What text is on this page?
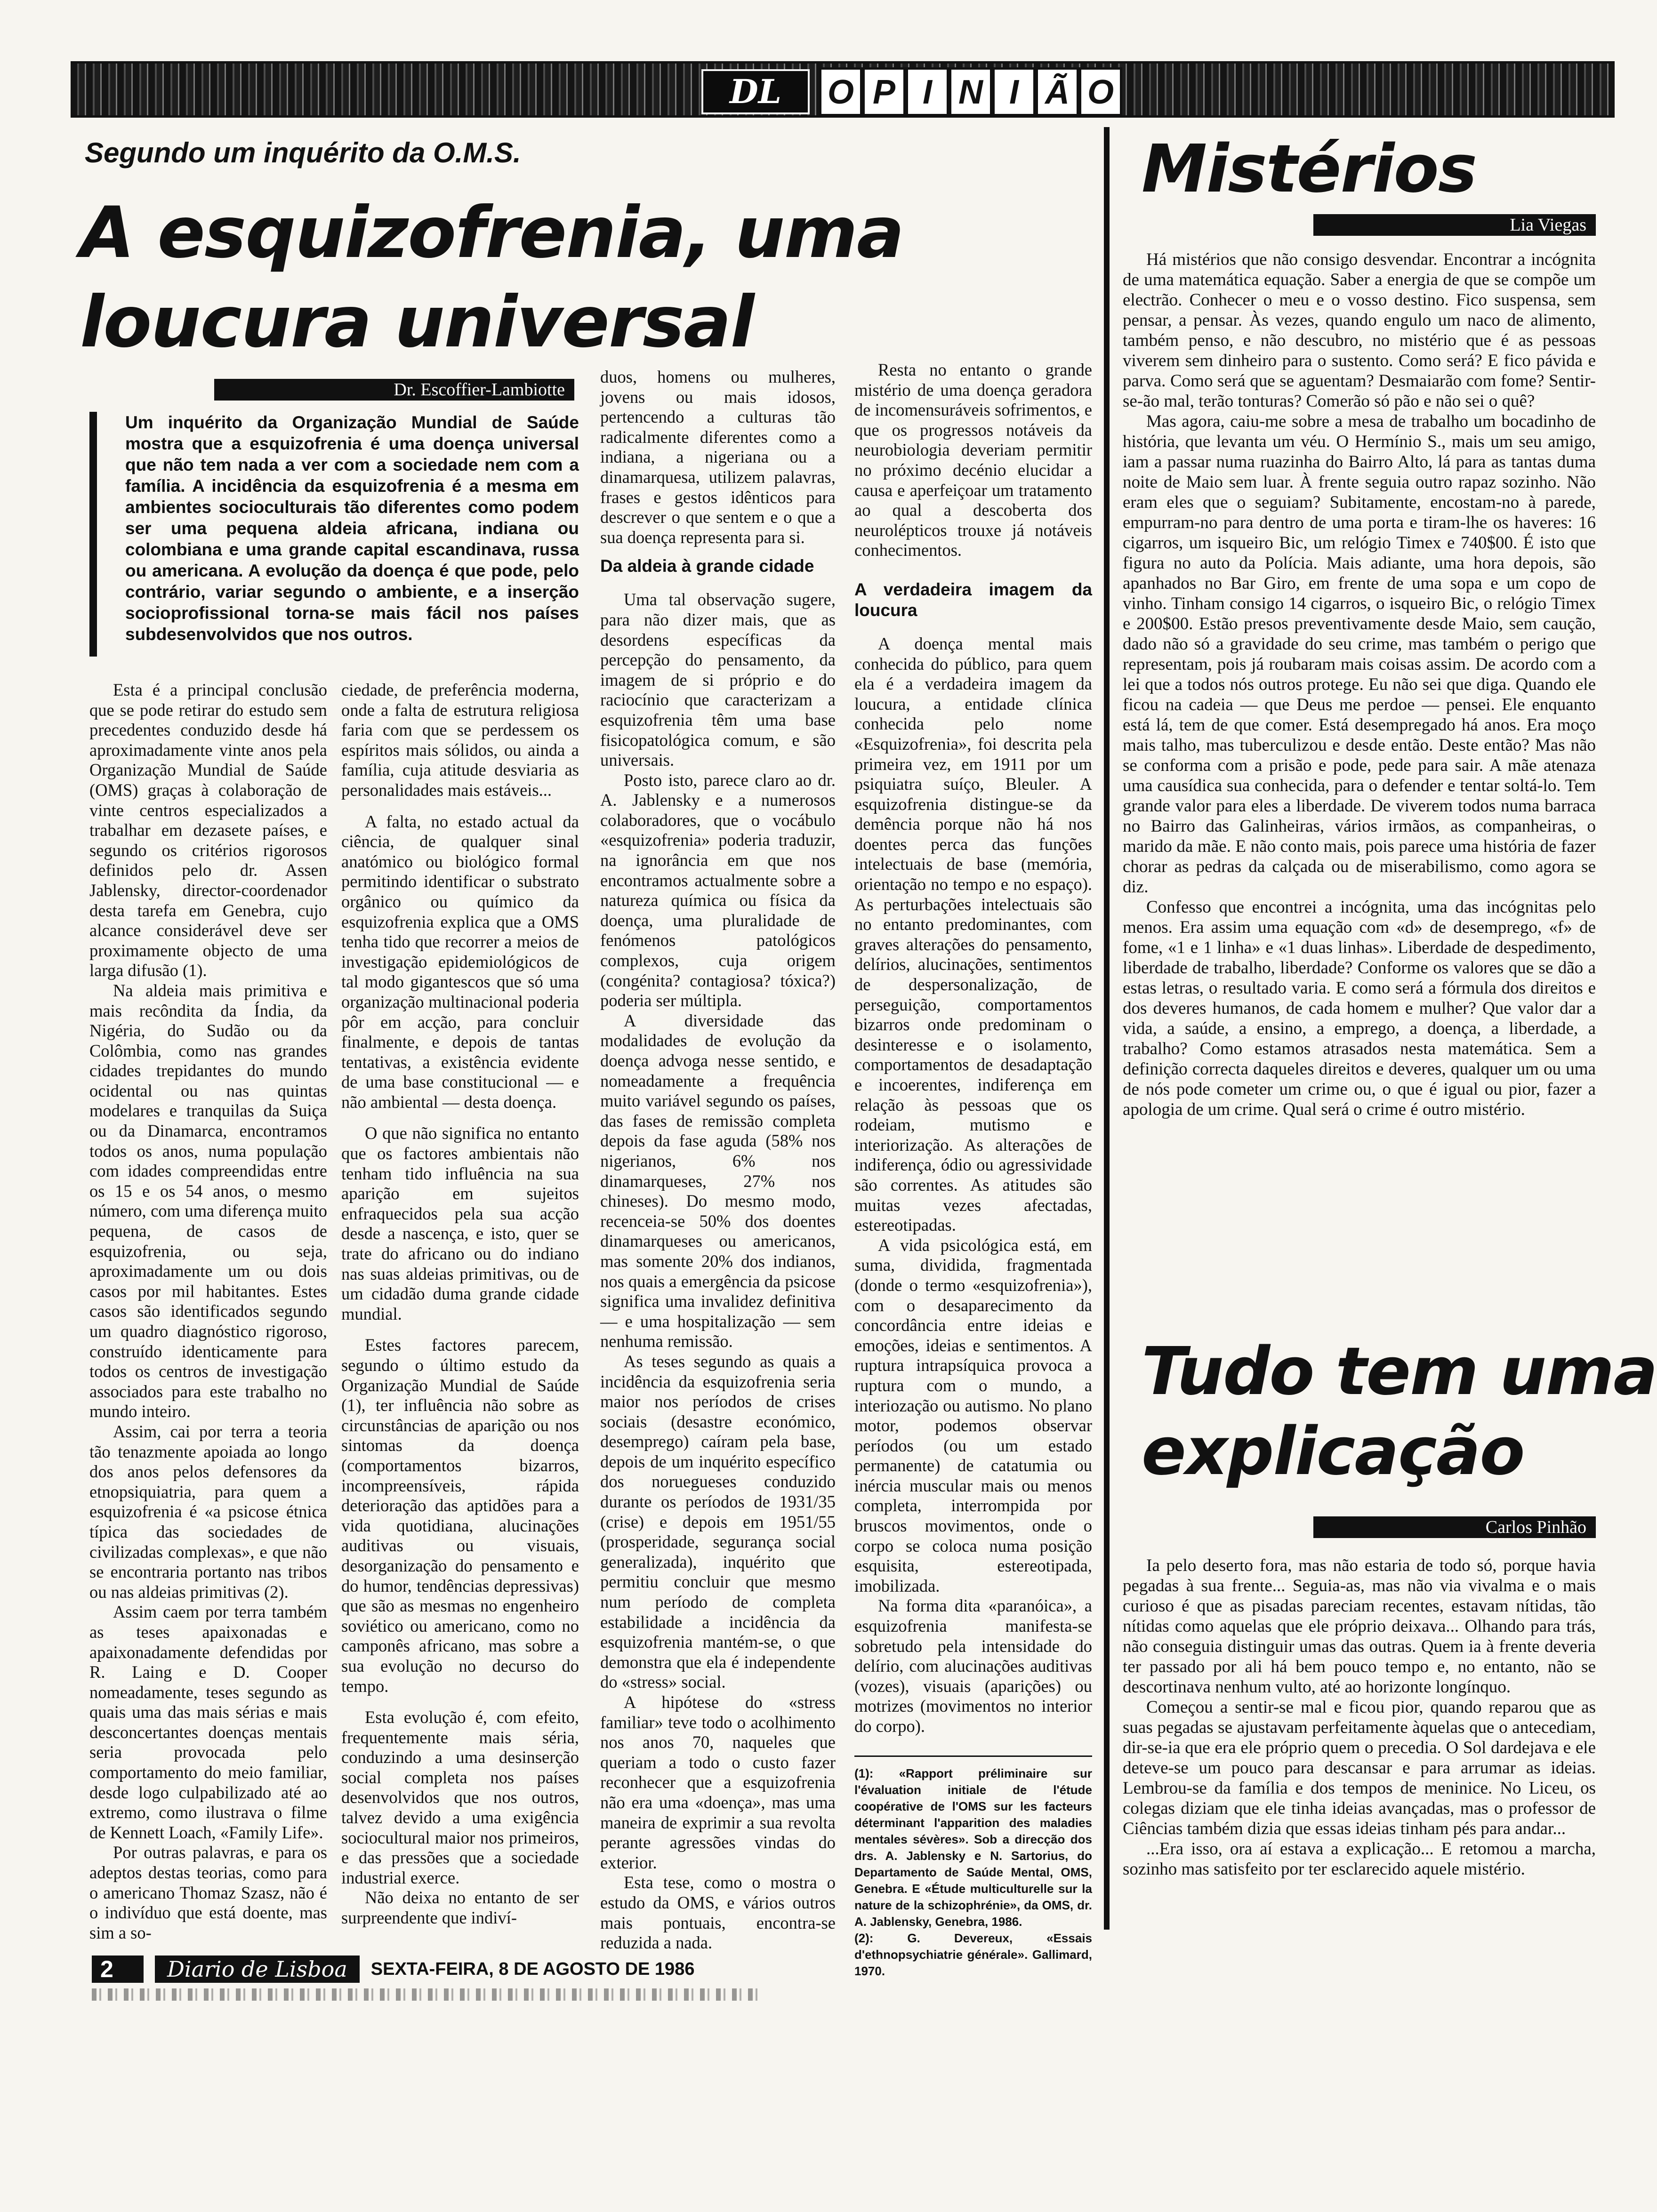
DL	O P I N I Ã O
Segundo um inquérito da O.M.S.
A esquizofrenia, uma
loucura universal
Dr. Escoffier-Lambiotte
Um inquérito da Organização Mundial de Saúde mostra que a esquizofrenia é uma doença universal que não tem nada a ver com a sociedade nem com a família. A incidência da esquizofrenia é a mesma em ambientes socioculturais tão diferentes como podem ser uma pequena aldeia africana, indiana ou colombiana e uma grande capital escandinava, russa ou americana. A evolução da doença é que pode, pelo contrário, variar segundo o ambiente, e a inserção socioprofissional torna-se mais fácil nos países subdesenvolvidos que nos outros.

Esta é a principal conclusão que se pode retirar do estudo sem precedentes conduzido desde há aproximadamente vinte anos pela Organização Mundial de Saúde (OMS) graças à colaboração de vinte centros especializados a trabalhar em dezasete países, e segundo os critérios rigorosos definidos pelo dr. Assen Jablensky, director-coordenador desta tarefa em Genebra, cujo alcance considerável deve ser proximamente objecto de uma larga difusão (1).

Na aldeia mais primitiva e mais recôndita da Índia, da Nigéria, do Sudão ou da Colômbia, como nas grandes cidades trepidantes do mundo ocidental ou nas quintas modelares e tranquilas da Suiça ou da Dinamarca, encontramos todos os anos, numa população com idades compreendidas entre os 15 e os 54 anos, o mesmo número, com uma diferença muito pequena, de casos de esquizofrenia, ou seja, aproximadamente um ou dois casos por mil habitantes. Estes casos são identificados segundo um quadro diagnóstico rigoroso, construído identicamente para todos os centros de investigação associados para este trabalho no mundo inteiro.

Assim, cai por terra a teoria tão tenazmente apoiada ao longo dos anos pelos defensores da etnopsiquiatria, para quem a esquizofrenia é «a psicose étnica típica das sociedades de civilizadas complexas», e que não se encontraria portanto nas tribos ou nas aldeias primitivas (2).

Assim caem por terra também as teses apaixonadas e apaixonadamente defendidas por R. Laing e D. Cooper nomeadamente, teses segundo as quais uma das mais sérias e mais desconcertantes doenças mentais seria provocada pelo comportamento do meio familiar, desde logo culpabilizado até ao extremo, como ilustrava o filme de Kennett Loach, «Family Life».

Por outras palavras, e para os adeptos destas teorias, como para o americano Thomaz Szasz, não é o indivíduo que está doente, mas sim a so-

ciedade, de preferência moderna, onde a falta de estrutura religiosa faria com que se perdessem os espíritos mais sólidos, ou ainda a família, cuja atitude desviaria as personalidades mais estáveis...

A falta, no estado actual da ciência, de qualquer sinal anatómico ou biológico formal permitindo identificar o substrato orgânico ou químico da esquizofrenia explica que a OMS tenha tido que recorrer a meios de investigação epidemiológicos de tal modo gigantescos que só uma organização multinacional poderia pôr em acção, para concluir finalmente, e depois de tantas tentativas, a existência evidente de uma base constitucional — e não ambiental — desta doença.

O que não significa no entanto que os factores ambientais não tenham tido influência na sua aparição em sujeitos enfraquecidos pela sua acção desde a nascença, e isto, quer se trate do africano ou do indiano nas suas aldeias primitivas, ou de um cidadão duma grande cidade mundial.

Estes factores parecem, segundo o último estudo da Organização Mundial de Saúde (1), ter influência não sobre as circunstâncias de aparição ou nos sintomas da doença (comportamentos bizarros, incompreensíveis, rápida deterioração das aptidões para a vida quotidiana, alucinações auditivas ou visuais, desorganização do pensamento e do humor, tendências depressivas) que são as mesmas no engenheiro soviético ou americano, como no camponês africano, mas sobre a sua evolução no decurso do tempo.

Esta evolução é, com efeito, frequentemente mais séria, conduzindo a uma desinserção social completa nos países desenvolvidos que nos outros, talvez devido a uma exigência sociocultural maior nos primeiros, e das pressões que a sociedade industrial exerce.

Não deixa no entanto de ser surpreendente que indiví-

duos, homens ou mulheres, jovens ou mais idosos, pertencendo a culturas tão radicalmente diferentes como a indiana, a nigeriana ou a dinamarquesa, utilizem palavras, frases e gestos idênticos para descrever o que sentem e o que a sua doença representa para si.

Da aldeia à grande cidade

Uma tal observação sugere, para não dizer mais, que as desordens específicas da percepção do pensamento, da imagem de si próprio e do raciocínio que caracterizam a esquizofrenia têm uma base fisicopatológica comum, e são universais.

Posto isto, parece claro ao dr. A. Jablensky e a numerosos colaboradores, que o vocábulo «esquizofrenia» poderia traduzir, na ignorância em que nos encontramos actualmente sobre a natureza química ou física da doença, uma pluralidade de fenómenos patológicos complexos, cuja origem (congénita? contagiosa? tóxica?) poderia ser múltipla.

A diversidade das modalidades de evolução da doença advoga nesse sentido, e nomeadamente a frequência muito variável segundo os países, das fases de remissão completa depois da fase aguda (58% nos nigerianos, 6% nos dinamarqueses, 27% nos chineses). Do mesmo modo, recenceia-se 50% dos doentes dinamarqueses ou americanos, mas somente 20% dos indianos, nos quais a emergência da psicose significa uma invalidez definitiva — e uma hospitalização — sem nenhuma remissão.

As teses segundo as quais a incidência da esquizofrenia seria maior nos períodos de crises sociais (desastre económico, desemprego) caíram pela base, depois de um inquérito específico dos noruegueses conduzido durante os períodos de 1931/35 (crise) e depois em 1951/55 (prosperidade, segurança social generalizada), inquérito que permitiu concluir que mesmo num período de completa estabilidade a incidência da esquizofrenia mantém-se, o que demonstra que ela é independente do «stress» social.

A hipótese do «stress familiar» teve todo o acolhimento nos anos 70, naqueles que queriam a todo o custo fazer reconhecer que a esquizofrenia não era uma «doença», mas uma maneira de exprimir a sua revolta perante agressões vindas do exterior.

Esta tese, como o mostra o estudo da OMS, e vários outros mais pontuais, encontra-se reduzida a nada.

Resta no entanto o grande mistério de uma doença geradora de incomensuráveis sofrimentos, e que os progressos notáveis da neurobiologia deveriam permitir no próximo decénio elucidar a causa e aperfeiçoar um tratamento ao qual a descoberta dos neurolépticos trouxe já notáveis conhecimentos.

A verdadeira imagem da loucura

A doença mental mais conhecida do público, para quem ela é a verdadeira imagem da loucura, a entidade clínica conhecida pelo nome «Esquizofrenia», foi descrita pela primeira vez, em 1911 por um psiquiatra suíço, Bleuler. A esquizofrenia distingue-se da demência porque não há nos doentes perca das funções intelectuais de base (memória, orientação no tempo e no espaço). As perturbações intelectuais são no entanto predominantes, com graves alterações do pensamento, delírios, alucinações, sentimentos de despersonalização, de perseguição, comportamentos bizarros onde predominam o desinteresse e o isolamento, comportamentos de desadaptação e incoerentes, indiferença em relação às pessoas que os rodeiam, mutismo e interiorização. As alterações de indiferença, ódio ou agressividade são correntes. As atitudes são muitas vezes afectadas, estereotipadas.

A vida psicológica está, em suma, dividida, fragmentada (donde o termo «esquizofrenia»), com o desaparecimento da concordância entre ideias e emoções, ideias e sentimentos. A ruptura intrapsíquica provoca a ruptura com o mundo, a interiozação ou autismo. No plano motor, podemos observar períodos (ou um estado permanente) de catatumia ou inércia muscular mais ou menos completa, interrompida por bruscos movimentos, onde o corpo se coloca numa posição esquisita, estereotipada, imobilizada.

Na forma dita «paranóica», a esquizofrenia manifesta-se sobretudo pela intensidade do delírio, com alucinações auditivas (vozes), visuais (aparições) ou motrizes (movimentos no interior do corpo).

(1): «Rapport préliminaire sur l'évaluation initiale de l'étude coopérative de l'OMS sur les facteurs déterminant l'apparition des maladies mentales sévères». Sob a direcção dos drs. A. Jablensky e N. Sartorius, do Departamento de Saúde Mental, OMS, Genebra. E «Étude multiculturelle sur la nature de la schizophrénie», da OMS, dr. A. Jablensky, Genebra, 1986.

(2): G. Devereux, «Essais d'ethnopsychiatrie générale». Gallimard, 1970.

Mistérios
Lia Viegas

Há mistérios que não consigo desvendar. Encontrar a incógnita de uma matemática equação. Saber a energia de que se compõe um electrão. Conhecer o meu e o vosso destino. Fico suspensa, sem pensar, a pensar. Às vezes, quando engulo um naco de alimento, também penso, e não descubro, no mistério que é as pessoas viverem sem dinheiro para o sustento. Como será? E fico pávida e parva. Como será que se aguentam? Desmaiarão com fome? Sentir-se-ão mal, terão tonturas? Comerão só pão e não sei o quê?

Mas agora, caiu-me sobre a mesa de trabalho um bocadinho de história, que levanta um véu. O Hermínio S., mais um seu amigo, iam a passar numa ruazinha do Bairro Alto, lá para as tantas duma noite de Maio sem luar. À frente seguia outro rapaz sozinho. Não eram eles que o seguiam? Subitamente, encostam-no à parede, empurram-no para dentro de uma porta e tiram-lhe os haveres: 16 cigarros, um isqueiro Bic, um relógio Timex e 740$00. É isto que figura no auto da Polícia. Mais adiante, uma hora depois, são apanhados no Bar Giro, em frente de uma sopa e um copo de vinho. Tinham consigo 14 cigarros, o isqueiro Bic, o relógio Timex e 200$00. Estão presos preventivamente desde Maio, sem caução, dado não só a gravidade do seu crime, mas também o perigo que representam, pois já roubaram mais coisas assim. De acordo com a lei que a todos nós outros protege. Eu não sei que diga. Quando ele ficou na cadeia — que Deus me perdoe — pensei. Ele enquanto está lá, tem de que comer. Está desempregado há anos. Era moço mais talho, mas tuberculizou e desde então. Deste então? Mas não se conforma com a prisão e pode, pede para sair. A mãe atenaza uma causídica sua conhecida, para o defender e tentar soltá-lo. Tem grande valor para eles a liberdade. De viverem todos numa barraca no Bairro das Galinheiras, vários irmãos, as companheiras, o marido da mãe. E não conto mais, pois parece uma história de fazer chorar as pedras da calçada ou de miserabilismo, como agora se diz.

Confesso que encontrei a incógnita, uma das incógnitas pelo menos. Era assim uma equação com «d» de desemprego, «f» de fome, «1 e 1 linha» e «1 duas linhas». Liberdade de despedimento, liberdade de trabalho, liberdade? Conforme os valores que se dão a estas letras, o resultado varia. E como será a fórmula dos direitos e dos deveres humanos, de cada homem e mulher? Que valor dar a vida, a saúde, a ensino, a emprego, a doença, a liberdade, a trabalho? Como estamos atrasados nesta matemática. Sem a definição correcta daqueles direitos e deveres, qualquer um ou uma de nós pode cometer um crime ou, o que é igual ou pior, fazer a apologia de um crime. Qual será o crime é outro mistério.

Tudo tem uma
explicação
Carlos Pinhão

Ia pelo deserto fora, mas não estaria de todo só, porque havia pegadas à sua frente... Seguia-as, mas não via vivalma e o mais curioso é que as pisadas pareciam recentes, estavam nítidas, tão nítidas como aquelas que ele próprio deixava... Olhando para trás, não conseguia distinguir umas das outras. Quem ia à frente deveria ter passado por ali há bem pouco tempo e, no entanto, não se descortinava nenhum vulto, até ao horizonte longínquo.

Começou a sentir-se mal e ficou pior, quando reparou que as suas pegadas se ajustavam perfeitamente àquelas que o antecediam, dir-se-ia que era ele próprio quem o precedia. O Sol dardejava e ele deteve-se um pouco para descansar e para arrumar as ideias. Lembrou-se da família e dos tempos de meninice. No Liceu, os colegas diziam que ele tinha ideias avançadas, mas o professor de Ciências também dizia que essas ideias tinham pés para andar...

...Era isso, ora aí estava a explicação... E retomou a marcha, sozinho mas satisfeito por ter esclarecido aquele mistério.

2	Diario de Lisboa	SEXTA-FEIRA, 8 DE AGOSTO DE 1986
